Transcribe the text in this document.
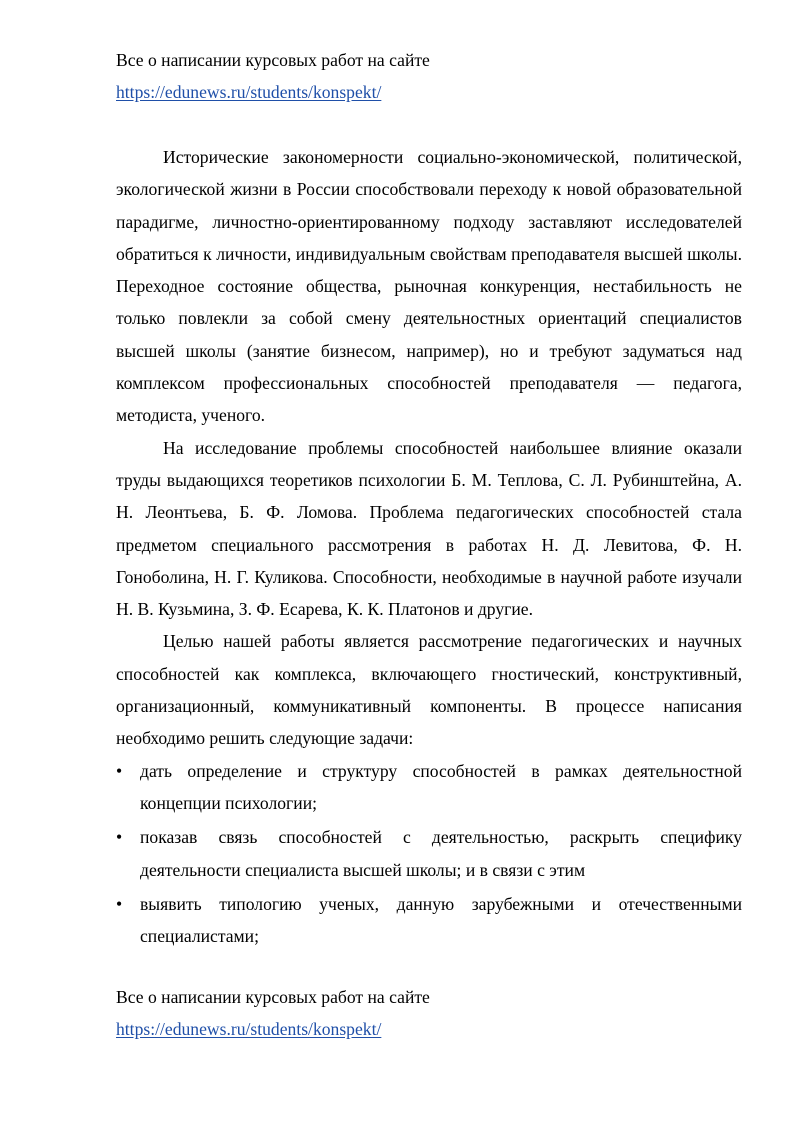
Все о написании курсовых работ на сайте
https://edunews.ru/students/konspekt/

Исторические закономерности социально-экономической, политической, экологической жизни в России способствовали переходу к новой образовательной парадигме, личностно-ориентированному подходу заставляют исследователей обратиться к личности, индивидуальным свойствам преподавателя высшей школы. Переходное состояние общества, рыночная конкуренция, нестабильность не только повлекли за собой смену деятельностных ориентаций специалистов высшей школы (занятие бизнесом, например), но и требуют задуматься над комплексом профессиональных способностей преподавателя — педагога, методиста, ученого.

На исследование проблемы способностей наибольшее влияние оказали труды выдающихся теоретиков психологии Б. М. Теплова, С. Л. Рубинштейна, А. Н. Леонтьева, Б. Ф. Ломова. Проблема педагогических способностей стала предметом специального рассмотрения в работах Н. Д. Левитова, Ф. Н. Гоноболина, Н. Г. Куликова. Способности, необходимые в научной работе изучали Н. В. Кузьмина, З. Ф. Есарева, К. К. Платонов и другие.

Целью нашей работы является рассмотрение педагогических и научных способностей как комплекса, включающего гностический, конструктивный, организационный, коммуникативный компоненты. В процессе написания необходимо решить следующие задачи:

• дать определение и структуру способностей в рамках деятельностной концепции психологии;
• показав связь способностей с деятельностью, раскрыть специфику деятельности специалиста высшей школы; и в связи с этим
• выявить типологию ученых, данную зарубежными и отечественными специалистами;
Все о написании курсовых работ на сайте
https://edunews.ru/students/konspekt/
